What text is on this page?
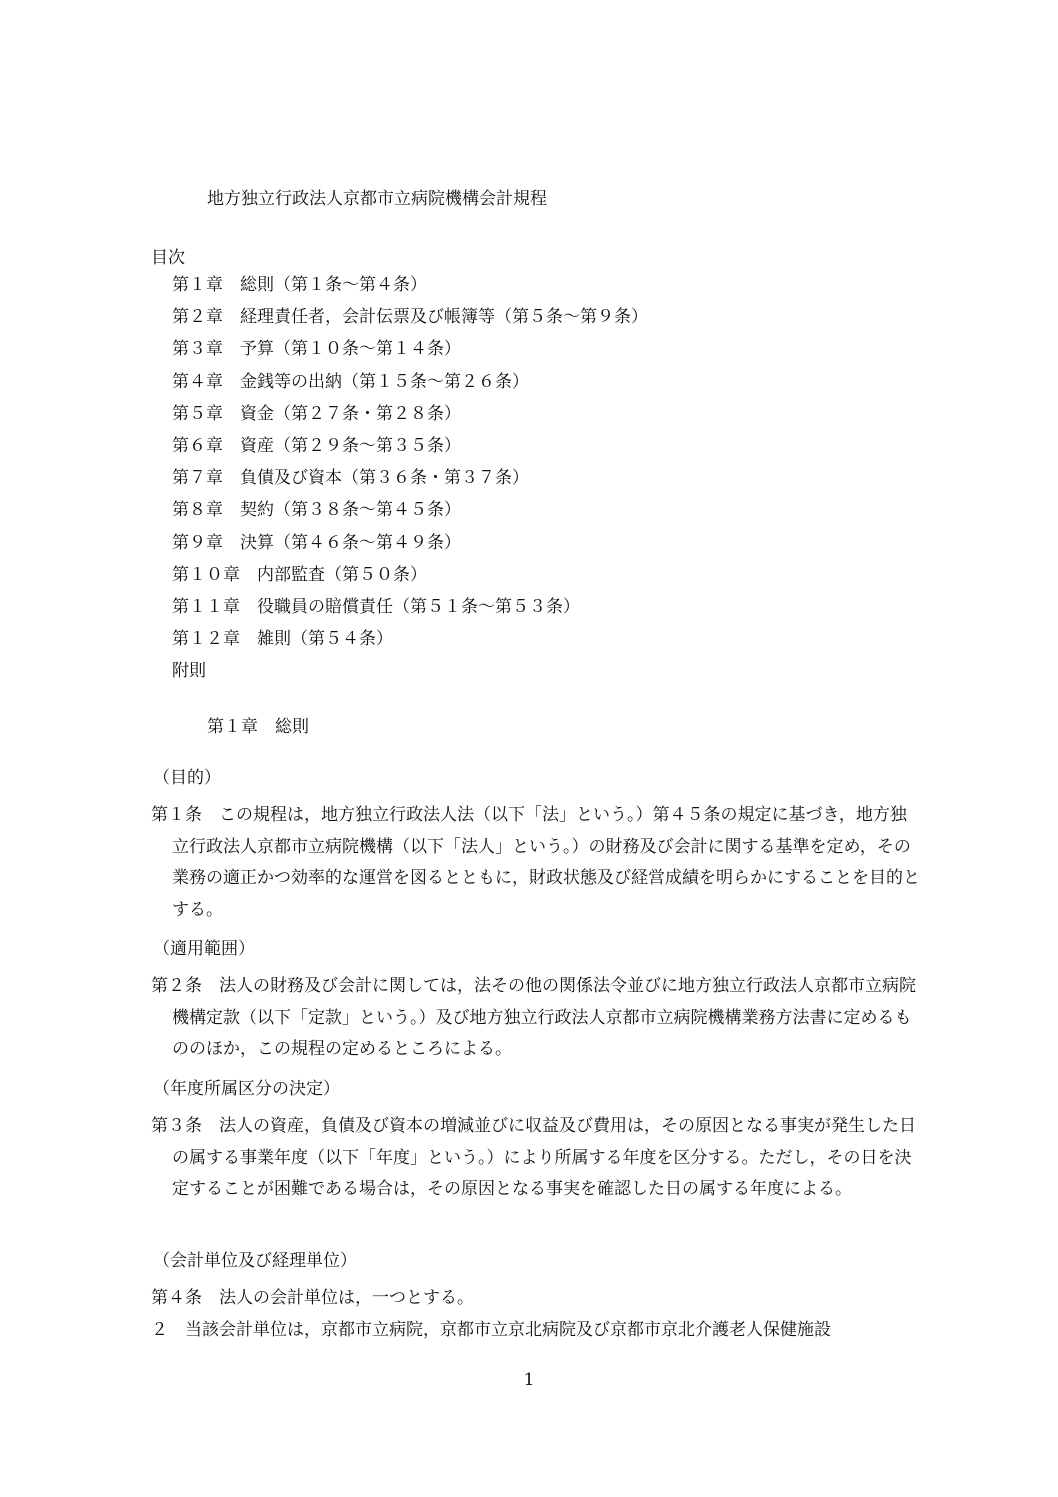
地方独立行政法人京都市立病院機構会計規程
目次
第１章　総則（第１条～第４条）
第２章　経理責任者，会計伝票及び帳簿等（第５条～第９条）
第３章　予算（第１０条～第１４条）
第４章　金銭等の出納（第１５条～第２６条）
第５章　資金（第２７条・第２８条）
第６章　資産（第２９条～第３５条）
第７章　負債及び資本（第３６条・第３７条）
第８章　契約（第３８条～第４５条）
第９章　決算（第４６条～第４９条）
第１０章　内部監査（第５０条）
第１１章　役職員の賠償責任（第５１条～第５３条）
第１２章　雑則（第５４条）
附則
第１章　総則
（目的）
第１条　この規程は，地方独立行政法人法（以下「法」という。）第４５条の規定に基づき，地方独立行政法人京都市立病院機構（以下「法人」という。）の財務及び会計に関する基準を定め，その業務の適正かつ効率的な運営を図るとともに，財政状態及び経営成績を明らかにすることを目的とする。
（適用範囲）
第２条　法人の財務及び会計に関しては，法その他の関係法令並びに地方独立行政法人京都市立病院機構定款（以下「定款」という。）及び地方独立行政法人京都市立病院機構業務方法書に定めるもののほか，この規程の定めるところによる。
（年度所属区分の決定）
第３条　法人の資産，負債及び資本の増減並びに収益及び費用は，その原因となる事実が発生した日の属する事業年度（以下「年度」という。）により所属する年度を区分する。ただし，その日を決定することが困難である場合は，その原因となる事実を確認した日の属する年度による。
（会計単位及び経理単位）
第４条　法人の会計単位は，一つとする。
２　当該会計単位は，京都市立病院，京都市立京北病院及び京都市京北介護老人保健施設
1
